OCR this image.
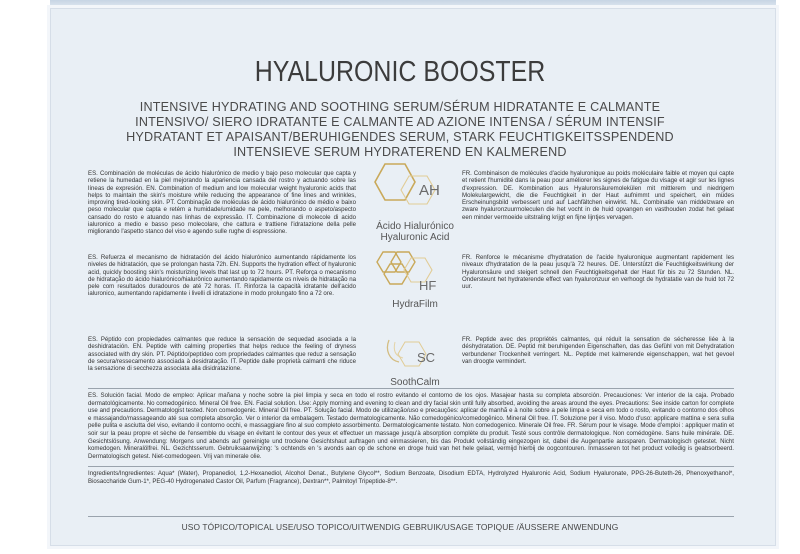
HYALURONIC BOOSTER
INTENSIVE HYDRATING AND SOOTHING SERUM/SÉRUM HIDRATANTE E CALMANTE
INTENSIVO/ SIERO IDRATANTE E CALMANTE AD AZIONE INTENSA / SÉRUM INTENSIF
HYDRATANT ET APAISANT/BERUHIGENDES SERUM, STARK FEUCHTIGKEITSSPENDEND
INTENSIEVE SERUM HYDRATEREND EN KALMEREND
ES. Combinación de moléculas de ácido hialurónico de medio y bajo peso molecular que capta y retiene la humedad en la piel mejorando la apariencia cansada del rostro y actuando sobre las líneas de expresión. EN. Combination of medium and low molecular weight hyaluronic acids that helps to maintain the skin's moisture while reducing the appearance of fine lines and wrinkles, improving tired-looking skin. PT. Combinação de moléculas de ácido hialurónico de médio e baixo peso molecular que capta e retém a humidade/umidade na pele, melhorando o aspeto/aspecto cansado do rosto e atuando nas linhas de expressão. IT. Combinazione di molecole di acido ialuronico a medio e basso peso molecolare, che cattura e trattiene l'idratazione della pelle migliorando l'aspetto stanco del viso e agendo sulle rughe di espressione.
AH
Ácido Hialurónico
Hyaluronic Acid
FR. Combinaison de molécules d'acide hyaluronique au poids moléculaire faible et moyen qui capte et retient l'humidité dans la peau pour améliorer les signes de fatigue du visage et agir sur les lignes d'expression. DE. Kombination aus Hyaluronsäuremolekülen mit mittlerem und niedrigem Molekulargewicht, die die Feuchtigkeit in der Haut aufnimmt und speichert, ein müdes Erscheinungsbild verbessert und auf Lachfältchen einwirkt. NL. Combinatie van middelzware en zware hyaluronzuurmoleculen die het vocht in de huid opvangen en vasthouden zodat het gelaat een minder vermoeide uitstraling krijgt en fijne lijntjes vervagen.
ES. Refuerza el mecanismo de hidratación del ácido hialurónico aumentando rápidamente los niveles de hidratación, que se prolongan hasta 72h. EN. Supports the hydration effect of hyaluronic acid, quickly boosting skin's moisturizing levels that last up to 72 hours. PT. Reforça o mecanismo de hidratação do ácido hialurónico/hialurônico aumentando rapidamente os níveis de hidratação na pele com resultados duradouros de até 72 horas. IT. Rinforza la capacità idratante dell'acido ialuronico, aumentando rapidamente i livelli di idratazione in modo prolungato fino a 72 ore.
HF
HydraFilm
FR. Renforce le mécanisme d'hydratation de l'acide hyaluronique augmentant rapidement les niveaux d'hydratation de la peau jusqu'à 72 heures. DE. Unterstützt die Feuchtigkeitswirkung der Hyaluronsäure und steigert schnell den Feuchtigkeitsgehalt der Haut für bis zu 72 Stunden. NL. Ondersteunt het hydraterende effect van hyaluronzuur en verhoogt de hydratatie van de huid tot 72 uur.
ES. Péptido con propiedades calmantes que reduce la sensación de sequedad asociada a la deshidratación. EN. Peptide with calming properties that helps reduce the feeling of dryness associated with dry skin. PT. Péptido/peptídeo com propriedades calmantes que reduz a sensação de secura/ressecamento associada à desidratação. IT. Peptide dalle proprietà calmanti che riduce la sensazione di secchezza associata alla disidratazione.
SC
SoothCalm
FR. Peptide avec des propriétés calmantes, qui réduit la sensation de sécheresse liée à la déshydratation. DE. Peptid mit beruhigenden Eigenschaften, das das Gefühl von mit Dehydratation verbundener Trockenheit verringert. NL. Peptide met kalmerende eigenschappen, wat het gevoel van droogte vermindert.
ES. Solución facial. Modo de empleo: Aplicar mañana y noche sobre la piel limpia y seca en todo el rostro evitando el contorno de los ojos. Masajear hasta su completa absorción. Precauciones: Ver interior de la caja. Probado dermatológicamente. No comedogénico. Mineral Oil free. EN. Facial solution. Use: Apply morning and evening to clean and dry facial skin until fully absorbed, avoiding the areas around the eyes. Precautions: See inside carton for complete use and precautions. Dermatologist tested. Non comedogenic. Mineral Oil free. PT. Solução facial. Modo de utilização/uso e precauções: aplicar de manhã e à noite sobre a pele limpa e seca em todo o rosto, evitando o contorno dos olhos e massajando/massageando até sua completa absorção. Ver o interior da embalagem. Testado dermatologicamente. Não comedogénico/comedogênico. Mineral Oil free. IT. Soluzione per il viso. Modo d'uso: applicare mattina e sera sulla pelle pulita e asciutta del viso, evitando il contorno occhi, e massaggiare fino al suo completo assorbimento. Dermatologicamente testato. Non comedogenico. Minerale Oil free. FR. Sérum pour le visage. Mode d'emploi : appliquer matin et soir sur la peau propre et sèche de l'ensemble du visage en évitant le contour des yeux et effectuer un massage jusqu'à absorption complète du produit. Testé sous contrôle dermatologique. Non comédogène. Sans huile minérale. DE. Gesichtslösung. Anwendung: Morgens und abends auf gereinigte und trockene Gesichtshaut auftragen und einmassieren, bis das Produkt vollständig eingezogen ist, dabei die Augenpartie aussparen. Dermatologisch getestet. Nicht komedogen. Mineralölfrei. NL. Gezichtsserum. Gebruiksaanwijzing: 's ochtends en 's avonds aan op de schone en droge huid van het hele gelaat, vermijd hierbij de oogcontouren. Inmasseren tot het product volledig is geabsorbeerd. Dermatologisch getest. Niet-comedogeen. Vrij van minerale olie.
Ingredients/Ingredientes: Aqua* (Water), Propanediol, 1,2-Hexanediol, Alcohol Denat., Butylene Glycol**, Sodium Benzoate, Disodium EDTA, Hydrolyzed Hyaluronic Acid, Sodium Hyaluronate, PPG-26-Buteth-26, Phenoxyethanol*, Biosaccharide Gum-1*, PEG-40 Hydrogenated Castor Oil, Parfum (Fragrance), Dextran**, Palmitoyl Tripeptide-8**.
USO TÓPICO/TOPICAL USE/USO TOPICO/UITWENDIG GEBRUIK/USAGE TOPIQUE /ÄUSSERE ANWENDUNG
